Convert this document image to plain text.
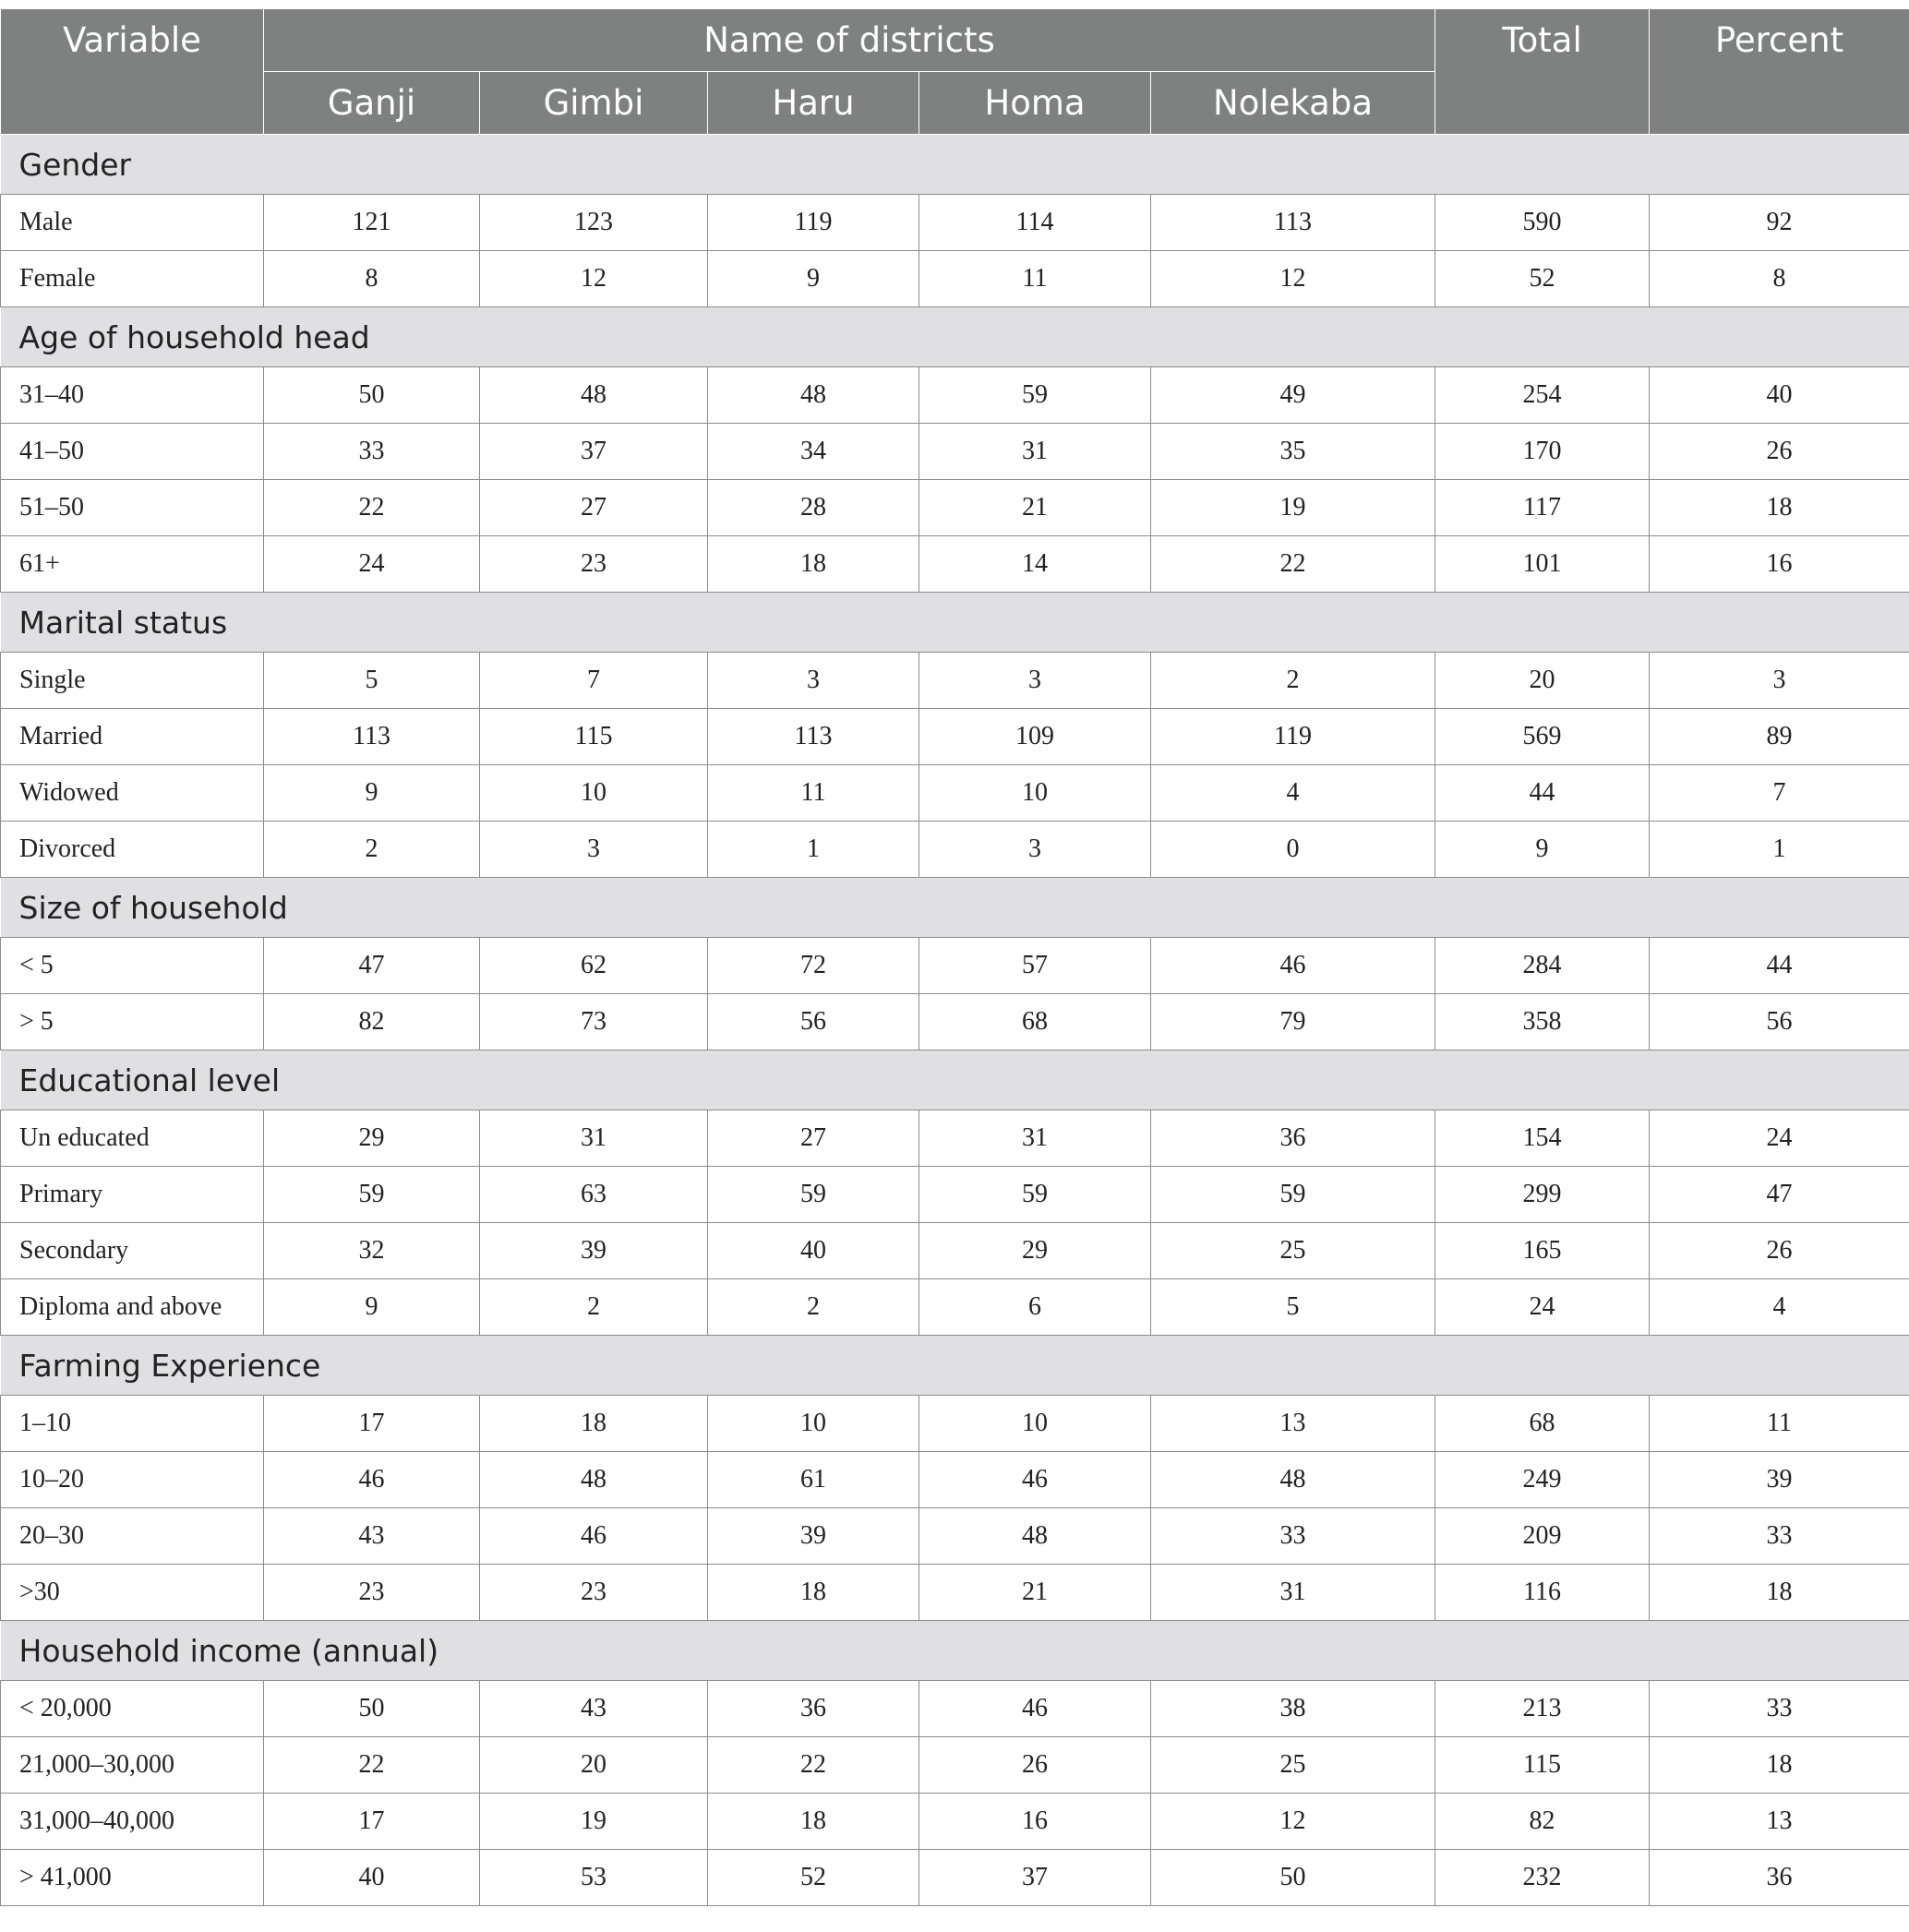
Variable	Name of districts					Total	Percent
	Ganji	Gimbi	Haru	Homa	Nolekaba		
Gender							
Male	121	123	119	114	113	590	92
Female	8	12	9	11	12	52	8
Age of household head							
31–40	50	48	48	59	49	254	40
41–50	33	37	34	31	35	170	26
51–50	22	27	28	21	19	117	18
61+	24	23	18	14	22	101	16
Marital status							
Single	5	7	3	3	2	20	3
Married	113	115	113	109	119	569	89
Widowed	9	10	11	10	4	44	7
Divorced	2	3	1	3	0	9	1
Size of household							
< 5	47	62	72	57	46	284	44
> 5	82	73	56	68	79	358	56
Educational level							
Un educated	29	31	27	31	36	154	24
Primary	59	63	59	59	59	299	47
Secondary	32	39	40	29	25	165	26
Diploma and above	9	2	2	6	5	24	4
Farming Experience							
1–10	17	18	10	10	13	68	11
10–20	46	48	61	46	48	249	39
20–30	43	46	39	48	33	209	33
>30	23	23	18	21	31	116	18
Household income (annual)							
< 20,000	50	43	36	46	38	213	33
21,000–30,000	22	20	22	26	25	115	18
31,000–40,000	17	19	18	16	12	82	13
> 41,000	40	53	52	37	50	232	36
